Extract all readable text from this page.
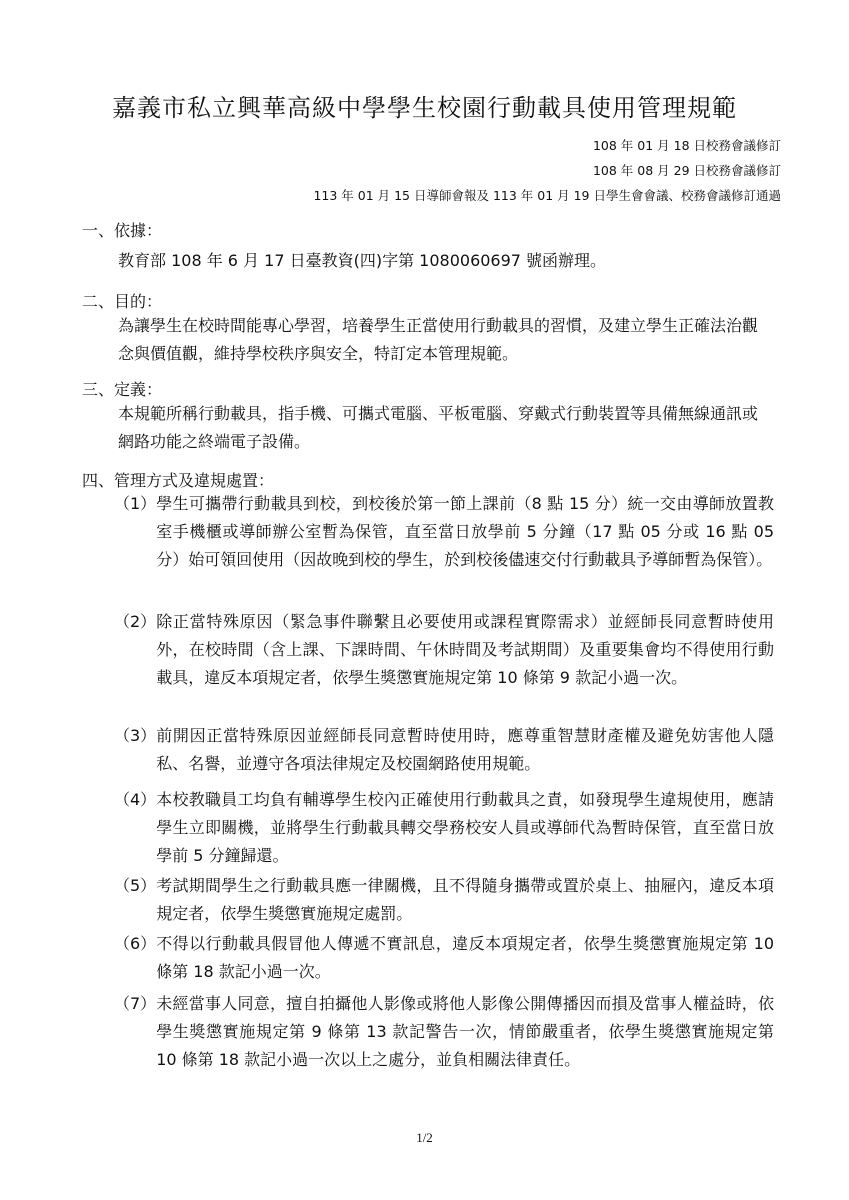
嘉義市私立興華高級中學學生校園行動載具使用管理規範
108 年 01 月 18 日校務會議修訂
108 年 08 月 29 日校務會議修訂
113 年 01 月 15 日導師會報及 113 年 01 月 19 日學生會會議、校務會議修訂通過
一、依據：
教育部 108 年 6 月 17 日臺教資(四)字第 1080060697 號函辦理。
二、目的：
為讓學生在校時間能專心學習，培養學生正當使用行動載具的習慣，及建立學生正確法治觀念與價值觀，維持學校秩序與安全，特訂定本管理規範。
三、定義：
本規範所稱行動載具，指手機、可攜式電腦、平板電腦、穿戴式行動裝置等具備無線通訊或網路功能之終端電子設備。
四、管理方式及違規處置：
（1） 學生可攜帶行動載具到校，到校後於第一節上課前（8 點 15 分）統一交由導師放置教室手機櫃或導師辦公室暫為保管，直至當日放學前 5 分鐘（17 點 05 分或 16 點 05 分）始可領回使用（因故晚到校的學生，於到校後儘速交付行動載具予導師暫為保管）。
（2） 除正當特殊原因（緊急事件聯繫且必要使用或課程實際需求）並經師長同意暫時使用外，在校時間（含上課、下課時間、午休時間及考試期間）及重要集會均不得使用行動載具，違反本項規定者，依學生獎懲實施規定第 10 條第 9 款記小過一次。
（3） 前開因正當特殊原因並經師長同意暫時使用時，應尊重智慧財產權及避免妨害他人隱私、名譽，並遵守各項法律規定及校園網路使用規範。
（4） 本校教職員工均負有輔導學生校內正確使用行動載具之責，如發現學生違規使用，應請學生立即關機，並將學生行動載具轉交學務校安人員或導師代為暫時保管，直至當日放學前 5 分鐘歸還。
（5） 考試期間學生之行動載具應一律關機，且不得隨身攜帶或置於桌上、抽屜內，違反本項規定者，依學生獎懲實施規定處罰。
（6） 不得以行動載具假冒他人傳遞不實訊息，違反本項規定者，依學生獎懲實施規定第 10 條第 18 款記小過一次。
（7） 未經當事人同意，擅自拍攝他人影像或將他人影像公開傳播因而損及當事人權益時，依學生獎懲實施規定第 9 條第 13 款記警告一次，情節嚴重者，依學生獎懲實施規定第 10 條第 18 款記小過一次以上之處分，並負相關法律責任。
1/2
